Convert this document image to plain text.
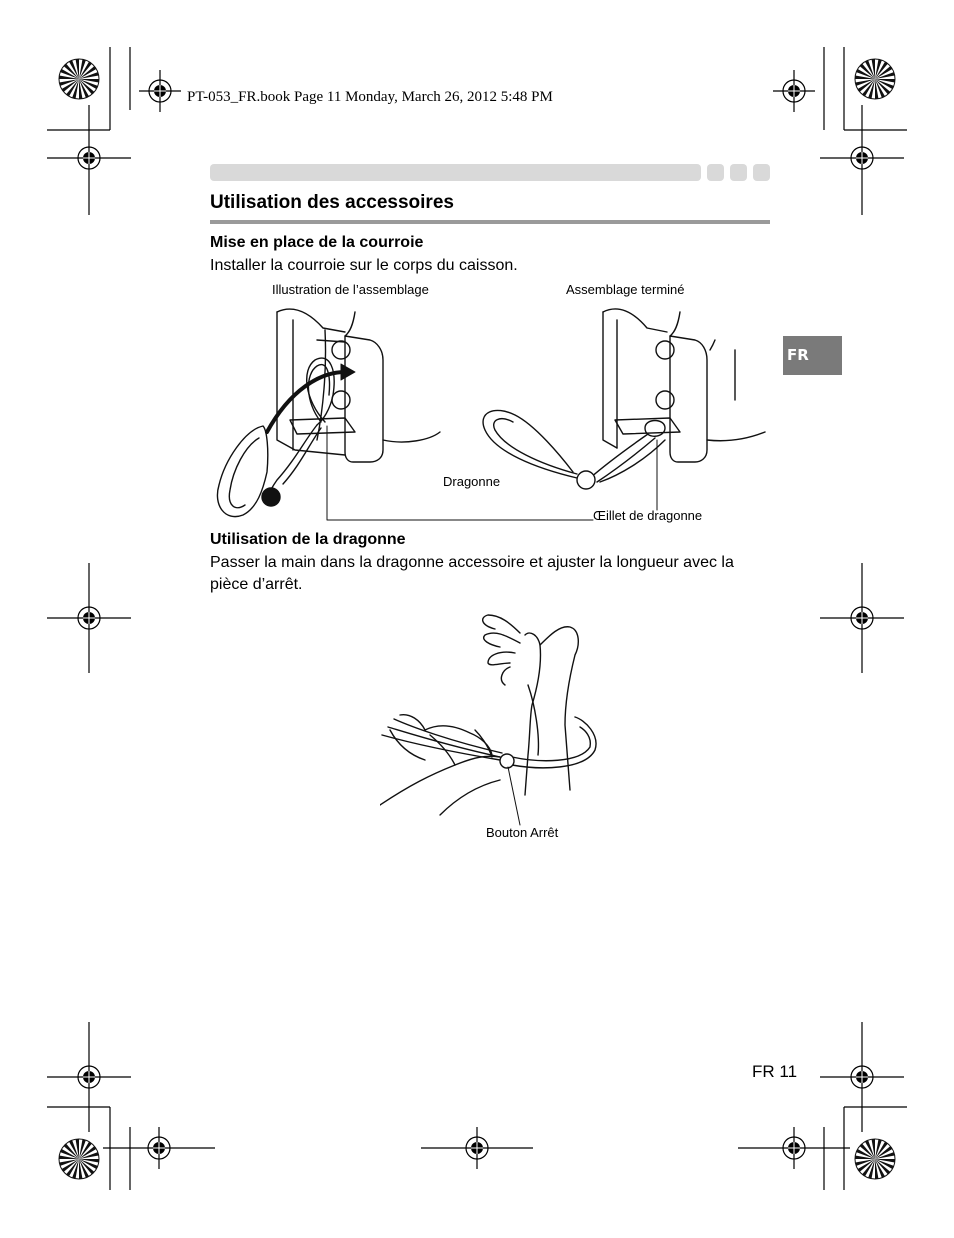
PT-053_FR.book Page 11 Monday, March 26, 2012 5:48 PM
Utilisation des accessoires
Mise en place de la courroie
Installer la courroie sur le corps du caisson.
Illustration de l’assemblage	Assemblage terminé
Dragonne
Œillet de dragonne
FR
Utilisation de la dragonne
Passer la main dans la dragonne accessoire et ajuster la longueur avec la pièce d’arrêt.
Bouton Arrêt
FR 11
